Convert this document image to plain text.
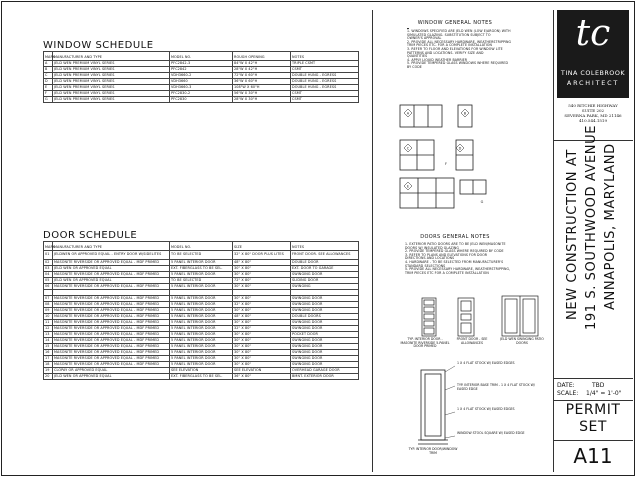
WINDOW SCHEDULE
MARK	MANUFACTURER AND TYPE	MODEL NO.	ROUGH OPENING	NOTES
A	JELD WEN PREMIUM VINYL SERIES	PFC2842-3	84"W X 42"H	TRIPLE CSMT
B	JELD WEN PREMIUM VINYL SERIES	PFC2842	28"W X 42"H	CSMT
C	JELD WEN PREMIUM VINYL SERIES	VDH3660-2	72"W X 60"H	DOUBLE HUNG - EGRESS
D	JELD WEN PREMIUM VINYL SERIES	VDH3660	36"W X 60"H	DOUBLE HUNG - EGRESS
E	JELD WEN PREMIUM VINYL SERIES	VDH3660-3	108"W X 60"H	DOUBLE HUNG - EGRESS
F	JELD WEN PREMIUM VINYL SERIES	PFC2830-2	56"W X 30"H	CSMT
G	JELD WEN PREMIUM VINYL SERIES	PFC2830	28"W X 30"H	CSMT
DOOR SCHEDULE
MARK	MANUFACTURER AND TYPE	MODEL NO.	SIZE	NOTES
01	JELDWEN OR APPROVED EQUAL - ENTRY DOOR W/SIDELITES	TO BE SELECTED	32" X 80" DOOR PLUS LITES	FRONT DOOR. SEE ALLOWANCES
02	MASONITE RIVERSIDE OR APPROVED EQUAL - MDF PRIMED	5 PANEL INTERIOR DOOR	48" X 80"	DOUBLE DOOR
03	JELD WEN OR APPROVED EQUAL	EXT. FIBERGLASS TO BE SEL.	30" X 80"	EXT. DOOR TO GARAGE
04	MASONITE RIVERSIDE OR APPROVED EQUAL - MDF PRIMED	5 PANEL INTERIOR DOOR	30" X 80"	SWINGING DOOR
05	JELD WEN OR APPROVED EQUAL	TO BE SELECTED	72" X 80"	SLIDING DOOR
06	MASONITE RIVERSIDE OR APPROVED EQUAL - MDF PRIMED	5 PANEL INTERIOR DOOR	30" X 80"	SWINGING

07	MASONITE RIVERSIDE OR APPROVED EQUAL - MDF PRIMED	5 PANEL INTERIOR DOOR	30" X 80"	SWINGING DOOR
08	MASONITE RIVERSIDE OR APPROVED EQUAL - MDF PRIMED	5 PANEL INTERIOR DOOR	32" X 80"	SWINGING DOOR
09	MASONITE RIVERSIDE OR APPROVED EQUAL - MDF PRIMED	5 PANEL INTERIOR DOOR	30" X 80"	SWINGING DOOR
10	MASONITE RIVERSIDE OR APPROVED EQUAL - MDF PRIMED	5 PANEL INTERIOR DOOR	48" X 80"	DOUBLE DOORS
11	MASONITE RIVERSIDE OR APPROVED EQUAL - MDF PRIMED	5 PANEL INTERIOR DOOR	30" X 80"	SWINGING DOOR
12	MASONITE RIVERSIDE OR APPROVED EQUAL - MDF PRIMED	5 PANEL INTERIOR DOOR	32" X 80"	SWINGING DOOR
13	MASONITE RIVERSIDE OR APPROVED EQUAL - MDF PRIMED	5 PANEL INTERIOR DOOR	30" X 80"	POCKET DOOR
14	MASONITE RIVERSIDE OR APPROVED EQUAL - MDF PRIMED	5 PANEL INTERIOR DOOR	30" X 80"	SWINGING DOOR
15	MASONITE RIVERSIDE OR APPROVED EQUAL - MDF PRIMED	5 PANEL INTERIOR DOOR	30" X 80"	SWINGING DOOR
16	MASONITE RIVERSIDE OR APPROVED EQUAL - MDF PRIMED	5 PANEL INTERIOR DOOR	30" X 80"	SWINGING DOOR
17	MASONITE RIVERSIDE OR APPROVED EQUAL - MDF PRIMED	5 PANEL INTERIOR DOOR	30" X 80"	SWINGING DOOR
18	MASONITE RIVERSIDE OR APPROVED EQUAL - MDF PRIMED	5 PANEL INTERIOR DOOR	30" X 80"	SWINGING DOOR
19	CLOPAY OR APPROVED EQUAL	SEE ELEVATION	SEE ELEVATION	OVERHEAD GARAGE DOOR
20	JELD WEN OR APPROVED EQUAL	EXT. FIBERGLASS TO BE SEL.	36" X 80"	BMNT. EXTERIOR DOOR
WINDOW GENERAL NOTES
1. WINDOWS SPECIFIED ARE JELD WEN (LOW E/ARGON) WITH
SIMULATED GLAZING. SUBSTITUTION SUBJECT TO
OWNER'S APPROVAL
2. PROVIDE ALL NECESSARY HARDWARE, WEATHERSTRIPPING
TRIM PIECES ETC. FOR A COMPLETE INSTALLATION
3. REFER TO FLOOR AND ELEVATIONS FOR WINDOW LITE
PATTERNS AND LOCATIONS. VERIFY SIZE AND
QUANTITIES
4. APPLY LIQUID WEATHER BARRIER
5. PROVIDE TEMPERED GLASS WINDOWS WHERE REQUIRED
BY CODE
A	B
C	D
E
F
G
DOORS GENERAL NOTES
1. EXTERIOR PATIO DOORS ARE TO BE JELD WEN/MASONITE
DOORS W/ INSULATED GLAZING
2. PROVIDE TEMPERED GLASS WHERE REQUIRED BY CODE
3. REFER TO PLANS AND ELEVATIONS FOR DOOR
DIRECTIONS AND LOCATIONS
4. HARDWARE - TO BE SELECTED FROM MANUFACTURER'S
STANDARD SELECTIONS
5. PROVIDE ALL NECESSARY HARDWARE, WEATHERSTRIPPING,
TRIM PIECES ETC FOR A COMPLETE INSTALLATION
TYP. INTERIOR DOOR - MASONITE RIVERSIDE 5-PANEL DOOR PRIMED
FRONT DOOR - SEE ALLOWANCES
JELD WEN SWINGING PATIO DOORS
1 X 4 FLAT STOCK W/ EASED EDGES
TYP. INTERIOR BASE TRIM - 1 X 4 FLAT STOCK W/ EASED EDGE
1 X 4 FLAT STOCK W/ EASED EDGES
WINDOW STOOL SQUARE W/ EASED EDGE
TYP. INTERIOR DOOR/WINDOW TRIM
tc
TINA COLEBROOK
ARCHITECT
540 RITCHIE HIGHWAY
SUITE 202
SEVERNA PARK, MD 21146
410.544.1519
NEW CONSTRUCTION AT 191 S. SOUTHWOOD AVENUE ANNAPOLIS, MARYLAND
DATE:	TBD
SCALE: 1/4" = 1'-0"
PERMIT
SET
A11
